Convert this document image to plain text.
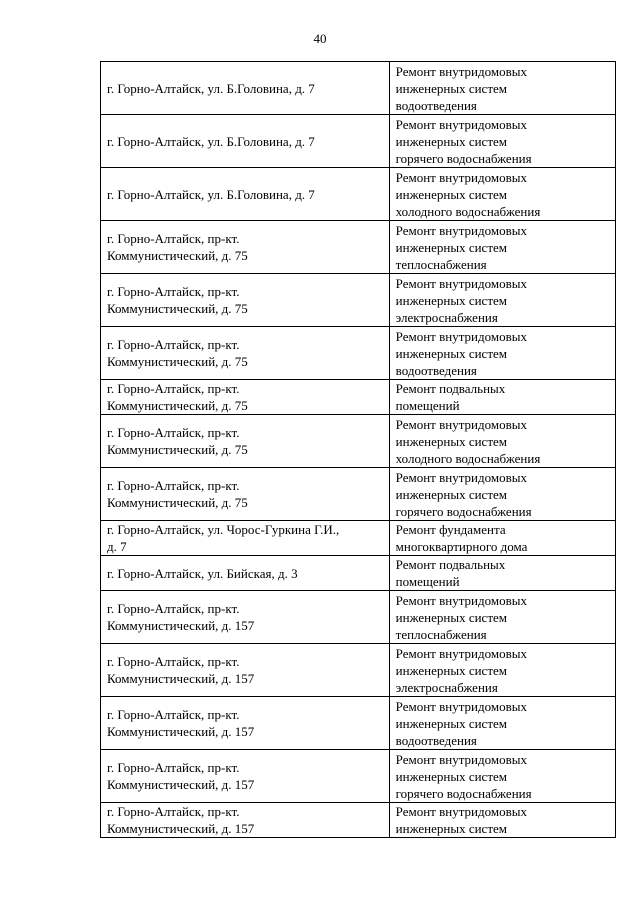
40
г. Горно-Алтайск, ул. Б.Головина, д. 7	Ремонт внутридомовых
инженерных систем
водоотведения

г. Горно-Алтайск, ул. Б.Головина, д. 7	Ремонт внутридомовых
инженерных систем
горячего водоснабжения

г. Горно-Алтайск, ул. Б.Головина, д. 7	Ремонт внутридомовых
инженерных систем
холодного водоснабжения

г. Горно-Алтайск, пр-кт.
Коммунистический, д. 75	Ремонт внутридомовых
инженерных систем
теплоснабжения

г. Горно-Алтайск, пр-кт.
Коммунистический, д. 75	Ремонт внутридомовых
инженерных систем
электроснабжения

г. Горно-Алтайск, пр-кт.
Коммунистический, д. 75	Ремонт внутридомовых
инженерных систем
водоотведения

г. Горно-Алтайск, пр-кт.
Коммунистический, д. 75	Ремонт подвальных
помещений

г. Горно-Алтайск, пр-кт.
Коммунистический, д. 75	Ремонт внутридомовых
инженерных систем
холодного водоснабжения

г. Горно-Алтайск, пр-кт.
Коммунистический, д. 75	Ремонт внутридомовых
инженерных систем
горячего водоснабжения

г. Горно-Алтайск, ул. Чорос-Гуркина Г.И.,
д. 7	Ремонт фундамента
многоквартирного дома

г. Горно-Алтайск, ул. Бийская, д. 3	Ремонт подвальных
помещений

г. Горно-Алтайск, пр-кт.
Коммунистический, д. 157	Ремонт внутридомовых
инженерных систем
теплоснабжения

г. Горно-Алтайск, пр-кт.
Коммунистический, д. 157	Ремонт внутридомовых
инженерных систем
электроснабжения

г. Горно-Алтайск, пр-кт.
Коммунистический, д. 157	Ремонт внутридомовых
инженерных систем
водоотведения

г. Горно-Алтайск, пр-кт.
Коммунистический, д. 157	Ремонт внутридомовых
инженерных систем
горячего водоснабжения

г. Горно-Алтайск, пр-кт.
Коммунистический, д. 157	Ремонт внутридомовых
инженерных систем
